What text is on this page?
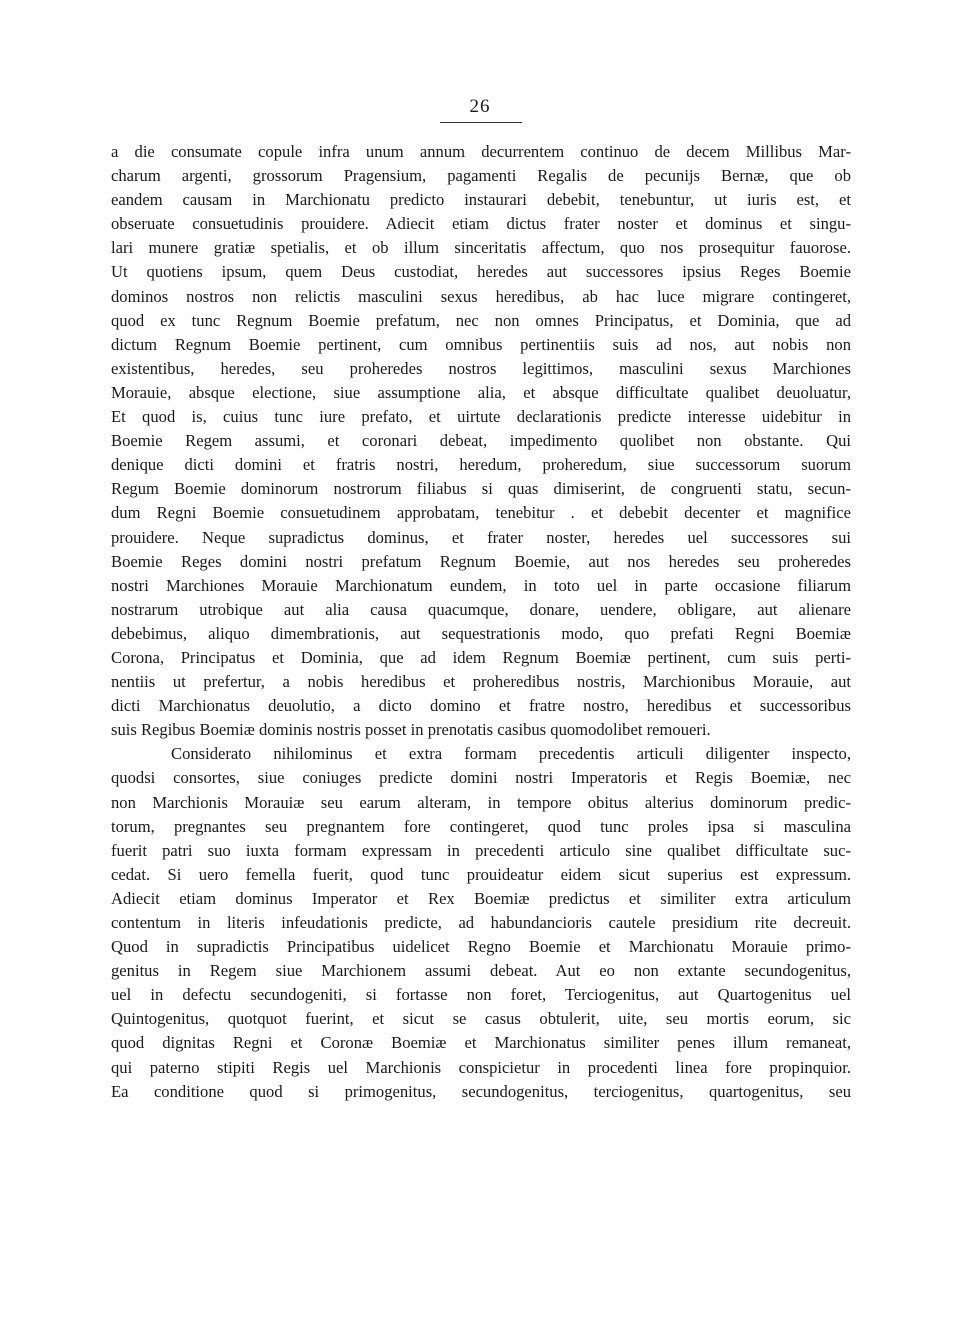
26
a die consumate copule infra unum annum decurrentem continuo de decem Millibus Mar-
charum argenti, grossorum Pragensium, pagamenti Regalis de pecunijs Bernæ, que ob
eandem causam in Marchionatu predicto instaurari debebit, tenebuntur, ut iuris est, et
obseruate consuetudinis prouidere. Adiecit etiam dictus frater noster et dominus et singu-
lari munere gratiæ spetialis, et ob illum sinceritatis affectum, quo nos prosequitur fauorose.
Ut quotiens ipsum, quem Deus custodiat, heredes aut successores ipsius Reges Boemie
dominos nostros non relictis masculini sexus heredibus, ab hac luce migrare contingeret,
quod ex tunc Regnum Boemie prefatum, nec non omnes Principatus, et Dominia, que ad
dictum Regnum Boemie pertinent, cum omnibus pertinentiis suis ad nos, aut nobis non
existentibus, heredes, seu proheredes nostros legittimos, masculini sexus Marchiones
Morauie, absque electione, siue assumptione alia, et absque difficultate qualibet deuoluatur,
Et quod is, cuius tunc iure prefato, et uirtute declarationis predicte interesse uidebitur in
Boemie Regem assumi, et coronari debeat, impedimento quolibet non obstante. Qui
denique dicti domini et fratris nostri, heredum, proheredum, siue successorum suorum
Regum Boemie dominorum nostrorum filiabus si quas dimiserint, de congruenti statu, secun-
dum Regni Boemie consuetudinem approbatam, tenebitur . et debebit decenter et magnifice
prouidere. Neque supradictus dominus, et frater noster, heredes uel successores sui
Boemie Reges domini nostri prefatum Regnum Boemie, aut nos heredes seu proheredes
nostri Marchiones Morauie Marchionatum eundem, in toto uel in parte occasione filiarum
nostrarum utrobique aut alia causa quacumque, donare, uendere, obligare, aut alienare
debebimus, aliquo dimembrationis, aut sequestrationis modo, quo prefati Regni Boemiæ
Corona, Principatus et Dominia, que ad idem Regnum Boemiæ pertinent, cum suis perti-
nentiis ut prefertur, a nobis heredibus et proheredibus nostris, Marchionibus Morauie, aut
dicti Marchionatus deuolutio, a dicto domino et fratre nostro, heredibus et successoribus
suis Regibus Boemiæ dominis nostris posset in prenotatis casibus quomodolibet remoueri.
Considerato nihilominus et extra formam precedentis articuli diligenter inspecto,
quodsi consortes, siue coniuges predicte domini nostri Imperatoris et Regis Boemiæ, nec
non Marchionis Morauiæ seu earum alteram, in tempore obitus alterius dominorum predic-
torum, pregnantes seu pregnantem fore contingeret, quod tunc proles ipsa si masculina
fuerit patri suo iuxta formam expressam in precedenti articulo sine qualibet difficultate suc-
cedat. Si uero femella fuerit, quod tunc prouideatur eidem sicut superius est expressum.
Adiecit etiam dominus Imperator et Rex Boemiæ predictus et similiter extra articulum
contentum in literis infeudationis predicte, ad habundancioris cautele presidium rite decreuit.
Quod in supradictis Principatibus uidelicet Regno Boemie et Marchionatu Morauie primo-
genitus in Regem siue Marchionem assumi debeat. Aut eo non extante secundogenitus,
uel in defectu secundogeniti, si fortasse non foret, Terciogenitus, aut Quartogenitus uel
Quintogenitus, quotquot fuerint, et sicut se casus obtulerit, uite, seu mortis eorum, sic
quod dignitas Regni et Coronæ Boemiæ et Marchionatus similiter penes illum remaneat,
qui paterno stipiti Regis uel Marchionis conspicietur in procedenti linea fore propinquior.
Ea conditione quod si primogenitus, secundogenitus, terciogenitus, quartogenitus, seu
